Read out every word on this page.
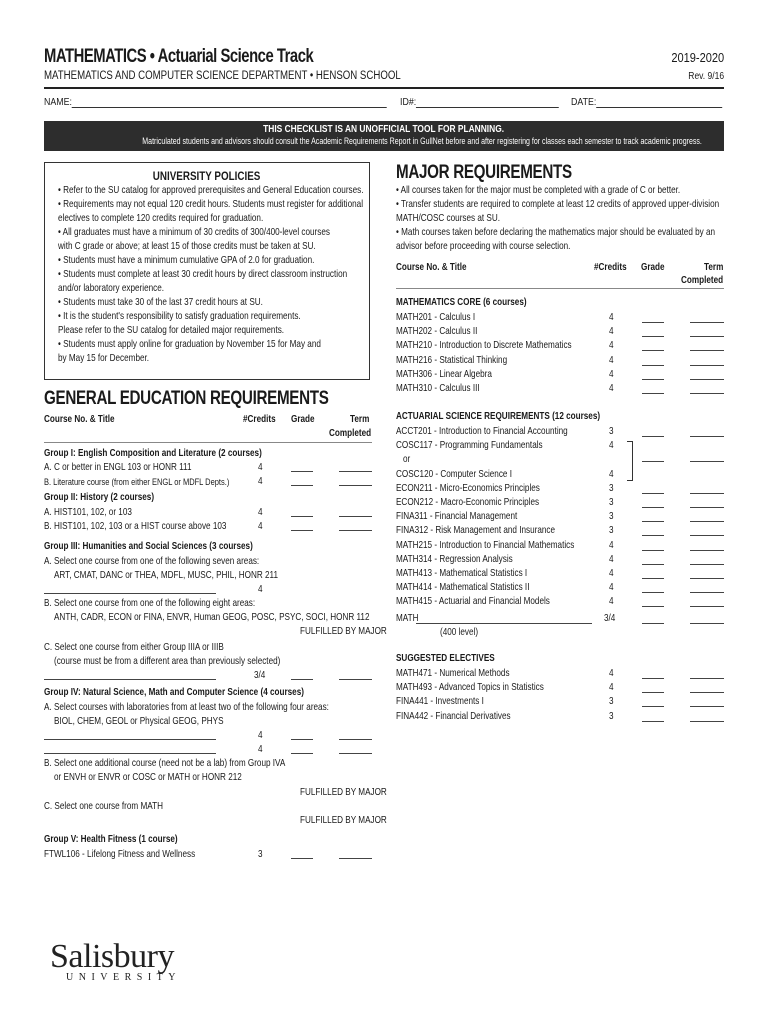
MATHEMATICS • Actuarial Science Track
MATHEMATICS AND COMPUTER SCIENCE DEPARTMENT • HENSON SCHOOL
2019-2020
Rev. 9/16
NAME:	ID#:	DATE:
THIS CHECKLIST IS AN UNOFFICIAL TOOL FOR PLANNING.
Matriculated students and advisors should consult the Academic Requirements Report in GullNet before and after registering for classes each semester to track academic progress.
UNIVERSITY POLICIES
• Refer to the SU catalog for approved prerequisites and General Education courses.
• Requirements may not equal 120 credit hours. Students must register for additional
electives to complete 120 credits required for graduation.
• All graduates must have a minimum of 30 credits of 300/400-level courses
with C grade or above; at least 15 of those credits must be taken at SU.
• Students must have a minimum cumulative GPA of 2.0 for graduation.
• Students must complete at least 30 credit hours by direct classroom instruction
and/or laboratory experience.
• Students must take 30 of the last 37 credit hours at SU.
• It is the student's responsibility to satisfy graduation requirements.
Please refer to the SU catalog for detailed major requirements.
• Students must apply online for graduation by November 15 for May and
by May 15 for December.
GENERAL EDUCATION REQUIREMENTS
Course No. & Title	#Credits Grade	Term
Completed
Group I: English Composition and Literature (2 courses)
A. C or better in ENGL 103 or HONR 111	4
B. Literature course (from either ENGL or MDFL Depts.)	4
Group II: History (2 courses)
A. HIST101, 102, or 103	4
B. HIST101, 102, 103 or a HIST course above 103	4
Group III: Humanities and Social Sciences (3 courses)
A. Select one course from one of the following seven areas:
ART, CMAT, DANC or THEA, MDFL, MUSC, PHIL, HONR 211
4
B. Select one course from one of the following eight areas:
ANTH, CADR, ECON or FINA, ENVR, Human GEOG, POSC, PSYC, SOCI, HONR 112
FULFILLED BY MAJOR
C. Select one course from either Group IIIA or IIIB
(course must be from a different area than previously selected)
3/4
Group IV: Natural Science, Math and Computer Science (4 courses)
A. Select courses with laboratories from at least two of the following four areas:
BIOL, CHEM, GEOL or Physical GEOG, PHYS
4
4
B. Select one additional course (need not be a lab) from Group IVA
or ENVH or ENVR or COSC or MATH or HONR 212
FULFILLED BY MAJOR
C. Select one course from MATH
FULFILLED BY MAJOR
Group V: Health Fitness (1 course)
FTWL106 - Lifelong Fitness and Wellness	3
MAJOR REQUIREMENTS
• All courses taken for the major must be completed with a grade of C or better.
• Transfer students are required to complete at least 12 credits of approved upper-division
MATH/COSC courses at SU.
• Math courses taken before declaring the mathematics major should be evaluated by an
advisor before proceeding with course selection.
Course No. & Title	#Credits Grade	Term
Completed
MATHEMATICS CORE (6 courses)
MATH201 - Calculus I	4
MATH202 - Calculus II	4
MATH210 - Introduction to Discrete Mathematics	4
MATH216 - Statistical Thinking	4
MATH306 - Linear Algebra	4
MATH310 - Calculus III	4
ACTUARIAL SCIENCE REQUIREMENTS (12 courses)
ACCT201 - Introduction to Financial Accounting	3
COSC117 - Programming Fundamentals	4
or
COSC120 - Computer Science I	4
ECON211 - Micro-Economics Principles	3
ECON212 - Macro-Economic Principles	3
FINA311 - Financial Management	3
FINA312 - Risk Management and Insurance	3
MATH215 - Introduction to Financial Mathematics	4
MATH314 - Regression Analysis	4
MATH413 - Mathematical Statistics I	4
MATH414 - Mathematical Statistics II	4
MATH415 - Actuarial and Financial Models	4
MATH	3/4
(400 level)
SUGGESTED ELECTIVES
MATH471 - Numerical Methods	4
MATH493 - Advanced Topics in Statistics	4
FINA441 - Investments I	3
FINA442 - Financial Derivatives	3
Salisbury
UNIVERSITY
